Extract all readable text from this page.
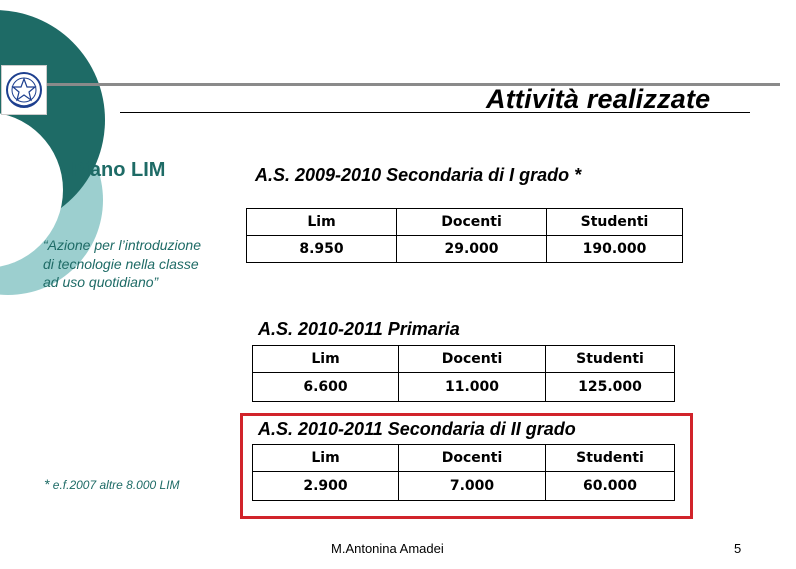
Attività realizzate
Piano LIM
“Azione per l’introduzione di tecnologie nella classe ad uso quotidiano”
* e.f.2007 altre 8.000 LIM
A.S. 2009-2010 Secondaria di I grado *
Lim	Docenti	Studenti
8.950	29.000	190.000
A.S. 2010-2011 Primaria
Lim	Docenti	Studenti
6.600	11.000	125.000
A.S. 2010-2011 Secondaria di II grado
Lim	Docenti	Studenti
2.900	7.000	60.000
M.Antonina Amadei	5
